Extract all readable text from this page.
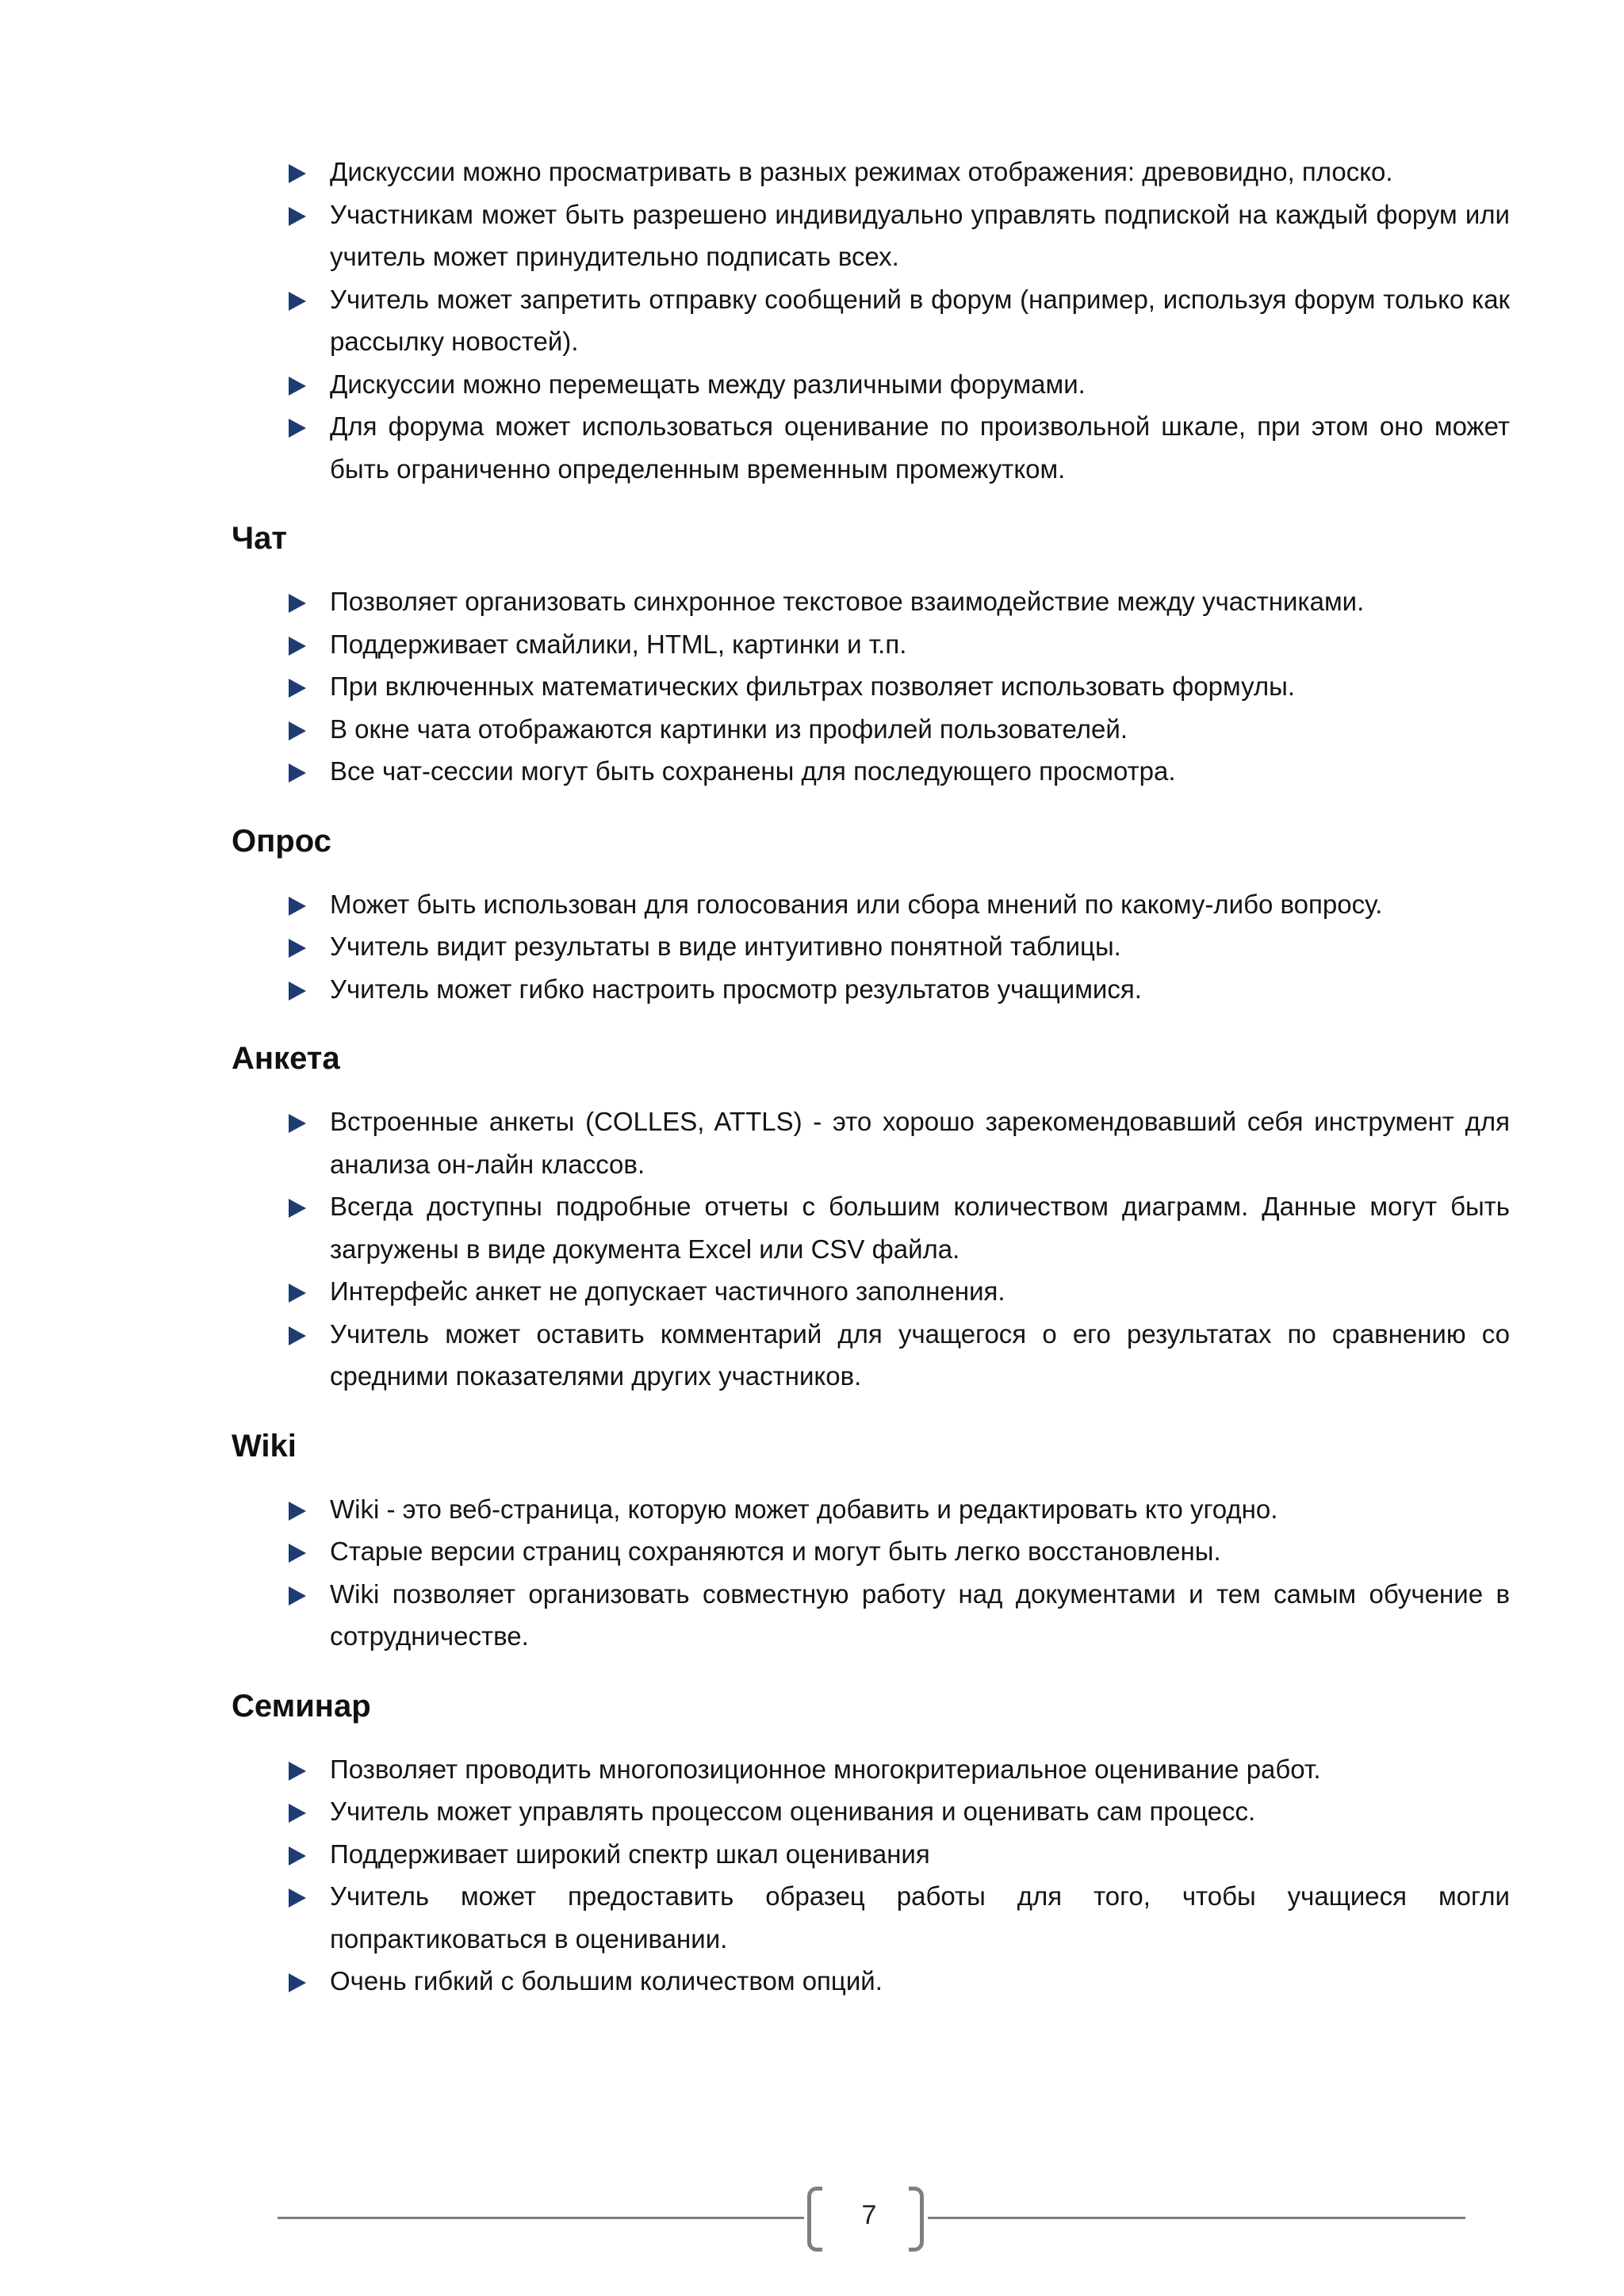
Дискуссии можно просматривать в разных режимах отображения: древовидно, плоско.
Участникам может быть разрешено индивидуально управлять подпиской на каждый форум или учитель может принудительно подписать всех.
Учитель может запретить отправку сообщений в форум (например, используя форум только как рассылку новостей).
Дискуссии можно перемещать между различными форумами.
Для форума может использоваться оценивание по произвольной шкале, при этом оно может быть ограниченно определенным временным промежутком.
Чат
Позволяет организовать синхронное текстовое взаимодействие между участниками.
Поддерживает смайлики, HTML, картинки и т.п.
При включенных математических фильтрах позволяет использовать формулы.
В окне чата отображаются картинки из профилей пользователей.
Все чат-сессии могут быть сохранены для последующего просмотра.
Опрос
Может быть использован для голосования или сбора мнений по какому-либо вопросу.
Учитель видит результаты в виде интуитивно понятной таблицы.
Учитель может гибко настроить просмотр результатов учащимися.
Анкета
Встроенные анкеты (COLLES, ATTLS) - это хорошо зарекомендовавший себя инструмент для анализа он-лайн классов.
Всегда доступны подробные отчеты с большим количеством диаграмм. Данные могут быть загружены в виде документа Excel или CSV файла.
Интерфейс анкет не допускает частичного заполнения.
Учитель может оставить комментарий для учащегося о его результатах по сравнению со средними показателями других участников.
Wiki
Wiki - это веб-страница, которую может добавить и редактировать кто угодно.
Старые версии страниц сохраняются и могут быть легко восстановлены.
Wiki позволяет организовать совместную работу над документами и тем самым обучение в сотрудничестве.
Семинар
Позволяет проводить многопозиционное многокритериальное оценивание работ.
Учитель может управлять процессом оценивания и оценивать сам процесс.
Поддерживает широкий спектр шкал оценивания
Учитель может предоставить образец работы для того, чтобы учащиеся могли попрактиковаться в оценивании.
Очень гибкий с большим количеством опций.
7
